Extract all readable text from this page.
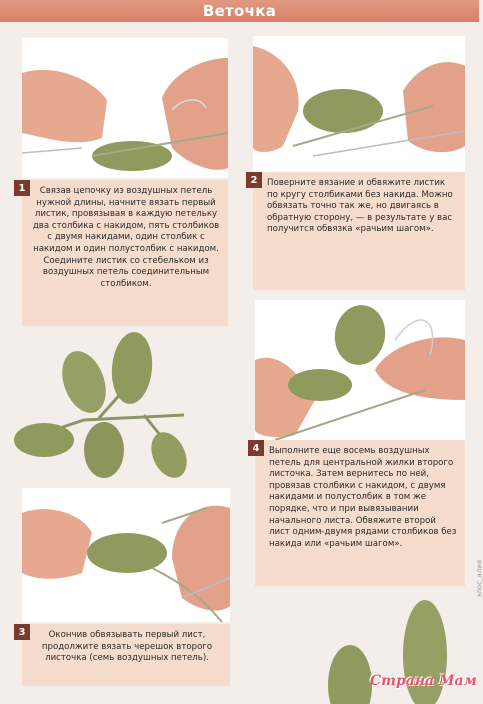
Веточка
Связав цепочку из воздушных петель нужной длины, начните вязать первый листик, провязывая в каждую петельку два столбика с накидом, пять столбиков с двумя накидами, один столбик с накидом и один полустолбик с накидом. Соедините листик со стебельком из воздушных петель соединительным столбиком.
1	Поверните вязание и обвяжите листик по кругу столбиками без накида. Можно обвязать точно так же, но двигаясь в обратную сторону, — в результате у вас получится обвязка «рачьим шагом».
2
Выполните еще восемь воздушных петель для центральной жилки второго листочка. Затем вернитесь по ней, провязав столбики с накидом, с двумя накидами и полустолбик в том же порядке, что и при вывязывании начального листа. Обвяжите второй лист одним-двумя рядами столбиков без накида или «рачьим шагом».
4
Окончив обвязывать первый лист, продолжите вязать черешок второго листочка (семь воздушных петель).
3
элос_алия
Страна Мам
